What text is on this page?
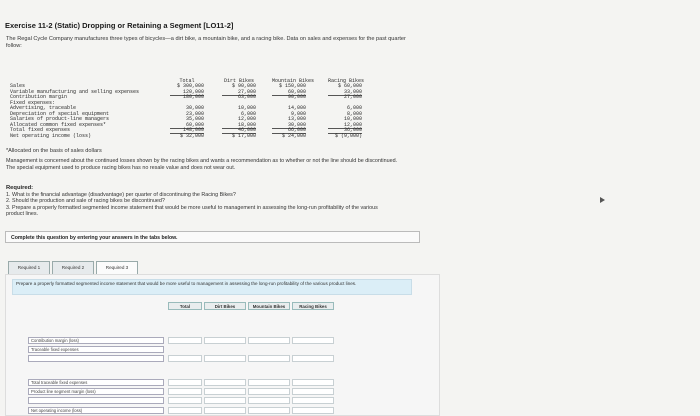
Exercise 11-2 (Static) Dropping or Retaining a Segment [LO11-2]
The Regal Cycle Company manufactures three types of bicycles—a dirt bike, a mountain bike, and a racing bike. Data on sales and expenses for the past quarter follow:
Total	Dirt Bikes	Mountain Bikes	Racing Bikes
Sales	$ 300,000	$ 90,000	$ 150,000	$ 60,000
Variable manufacturing and selling expenses	120,000	27,000	60,000	33,000
Contribution margin	180,000	63,000	90,000	27,000
Fixed expenses:
Advertising, traceable	30,000	10,000	14,000	6,000
Depreciation of special equipment	23,000	6,000	9,000	8,000
Salaries of product-line managers	35,000	12,000	13,000	10,000
Allocated common fixed expenses*	60,000	18,000	30,000	12,000
Total fixed expenses	148,000	46,000	66,000	36,000
Net operating income (loss)	$ 32,000	$ 17,000	$ 24,000	$ (9,000)
*Allocated on the basis of sales dollars
Management is concerned about the continued losses shown by the racing bikes and wants a recommendation as to whether or not the line should be discontinued. The special equipment used to produce racing bikes has no resale value and does not wear out.
Required:
1. What is the financial advantage (disadvantage) per quarter of discontinuing the Racing Bikes?
2. Should the production and sale of racing bikes be discontinued?
3. Prepare a properly formatted segmented income statement that would be more useful to management in assessing the long-run profitability of the various product lines.
Complete this question by entering your answers in the tabs below.
Required 1	Required 2	Required 3
Prepare a properly formatted segmented income statement that would be more useful to management in assessing the long-run profitability of the various product lines.
Total	Dirt Bikes	Mountain Bikes	Racing Bikes
Contribution margin (loss)
Traceable fixed expenses
Total traceable fixed expenses
Product line segment margin (loss)
Net operating income (loss)
